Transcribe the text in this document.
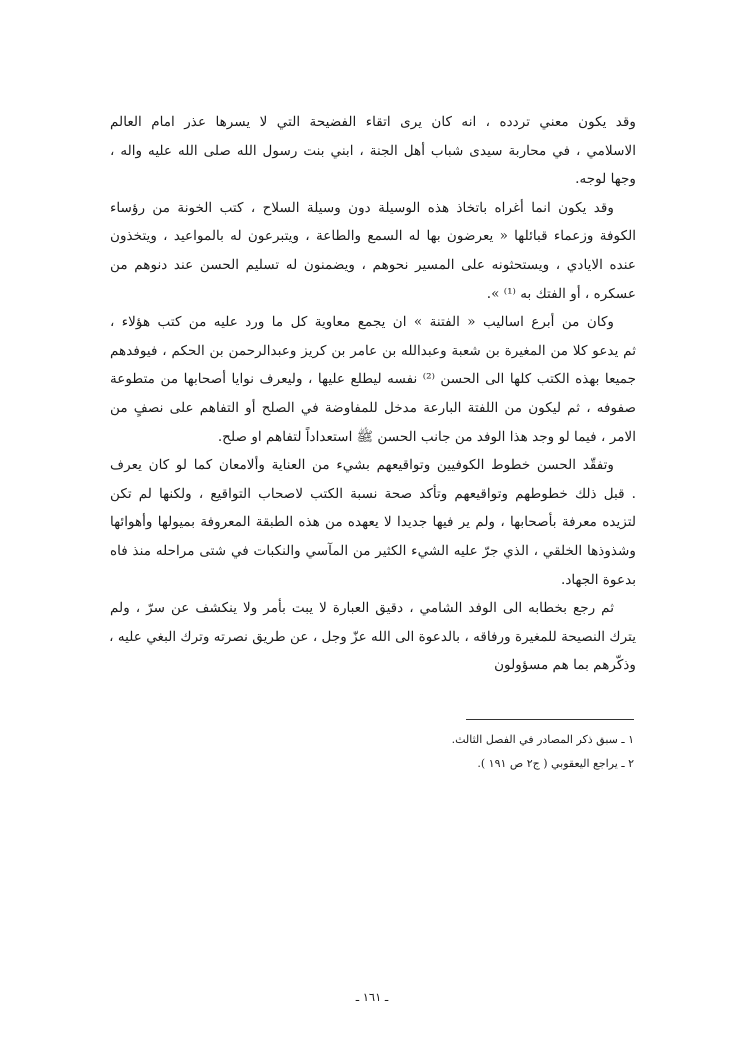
وقد يكون معني تردده ، انه كان يرى اتقاء الفضيحة التي لا يسرها عذر امام العالم
الاسلامي ، في محاربة سيدى شباب أهل الجنة ، ابني بنت رسول الله صلى الله عليه واله ،
وجها لوجه.
وقد يكون انما أغراه باتخاذ هذه الوسيلة دون وسيلة السلاح ، كتب الخونة من رؤساء
الكوفة وزعماء قبائلها « يعرضون بها له السمع والطاعة ، ويتبرعون له بالمواعيد ، ويتخذون
عنده الايادي ، ويستحثونه على المسير نحوهم ، ويضمنون له تسليم الحسن عند دنوهم من
عسكره ، أو الفتك به ⁽¹⁾ ».
وكان من أبرع اساليب « الفتنة » ان يجمع معاوية كل ما ورد عليه من كتب هؤلاء ،
ثم يدعو كلا من المغيرة بن شعبة وعبدالله بن عامر بن كريز وعبدالرحمن بن الحكم ، فيوفدهم
جميعا بهذه الكتب كلها الى الحسن ⁽²⁾ نفسه ليطلع عليها ، وليعرف نوايا أصحابها من متطوعة
صفوفه ، ثم ليكون من اللفتة البارعة مدخل للمفاوضة في الصلح أو التفاهم على نصفٍ من
الامر ، فيما لو وجد هذا الوفد من جانب الحسن ﷺ استعداداً لتفاهم او صلح.
وتفقّد الحسن خطوط الكوفيين وتواقيعهم بشيء من العناية وألامعان كما لو كان يعرف
. قبل ذلك خطوطهم وتواقيعهم وتأكد صحة نسبة الكتب لاصحاب التواقيع ، ولكنها لم تكن
لتزيده معرفة بأصحابها ، ولم ير فيها جديدا لا يعهده من هذه الطبقة المعروفة بميولها وأهوائها
وشذوذها الخلقي ، الذي جرّ عليه الشيء الكثير من المآسي والنكبات في شتى مراحله منذ فاه
بدعوة الجهاد.
ثم رجع بخطابه الى الوفد الشامي ، دقيق العبارة لا يبت بأمر ولا ينكشف عن سرّ ، ولم
يترك النصيحة للمغيرة ورفاقه ، بالدعوة الى الله عزّ وجل ، عن طريق نصرته وترك البغي عليه ،
وذكّرهم بما هم مسؤولون
١ ـ سبق ذكر المصادر في الفصل الثالث.
٢ ـ يراجع اليعقوبي ( ج٢ ص ١٩١ ).
ـ ١٦١ ـ
